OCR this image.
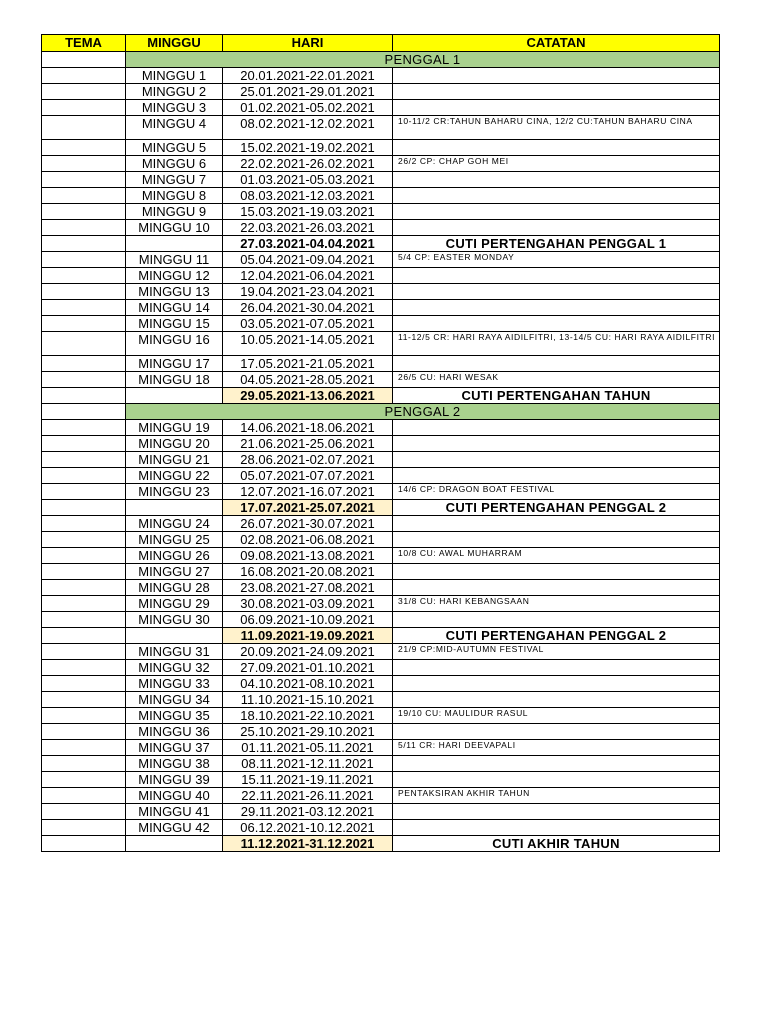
TEMA	MINGGU	HARI	CATATAN
	PENGGAL 1		
	MINGGU 1	20.01.2021-22.01.2021	
	MINGGU 2	25.01.2021-29.01.2021	
	MINGGU 3	01.02.2021-05.02.2021	
	MINGGU 4	08.02.2021-12.02.2021	10-11/2 CR:TAHUN BAHARU CINA, 12/2 CU:TAHUN BAHARU CINA
	MINGGU 5	15.02.2021-19.02.2021	
	MINGGU 6	22.02.2021-26.02.2021	26/2 CP: CHAP GOH MEI
	MINGGU 7	01.03.2021-05.03.2021	
	MINGGU 8	08.03.2021-12.03.2021	
	MINGGU 9	15.03.2021-19.03.2021	
	MINGGU 10	22.03.2021-26.03.2021	
		27.03.2021-04.04.2021	CUTI PERTENGAHAN PENGGAL 1
	MINGGU 11	05.04.2021-09.04.2021	5/4 CP: EASTER MONDAY
	MINGGU 12	12.04.2021-06.04.2021	
	MINGGU 13	19.04.2021-23.04.2021	
	MINGGU 14	26.04.2021-30.04.2021	
	MINGGU 15	03.05.2021-07.05.2021	
	MINGGU 16	10.05.2021-14.05.2021	11-12/5 CR: HARI RAYA AIDILFITRI, 13-14/5 CU: HARI RAYA AIDILFITRI
	MINGGU 17	17.05.2021-21.05.2021	
	MINGGU 18	04.05.2021-28.05.2021	26/5 CU: HARI WESAK
		29.05.2021-13.06.2021	CUTI PERTENGAHAN TAHUN
	PENGGAL 2		
	MINGGU 19	14.06.2021-18.06.2021	
	MINGGU 20	21.06.2021-25.06.2021	
	MINGGU 21	28.06.2021-02.07.2021	
	MINGGU 22	05.07.2021-07.07.2021	
	MINGGU 23	12.07.2021-16.07.2021	14/6 CP: DRAGON BOAT FESTIVAL
		17.07.2021-25.07.2021	CUTI PERTENGAHAN PENGGAL 2
	MINGGU 24	26.07.2021-30.07.2021	
	MINGGU 25	02.08.2021-06.08.2021	
	MINGGU 26	09.08.2021-13.08.2021	10/8 CU: AWAL MUHARRAM
	MINGGU 27	16.08.2021-20.08.2021	
	MINGGU 28	23.08.2021-27.08.2021	
	MINGGU 29	30.08.2021-03.09.2021	31/8 CU: HARI KEBANGSAAN
	MINGGU 30	06.09.2021-10.09.2021	
		11.09.2021-19.09.2021	CUTI PERTENGAHAN PENGGAL 2
	MINGGU 31	20.09.2021-24.09.2021	21/9 CP:MID-AUTUMN FESTIVAL
	MINGGU 32	27.09.2021-01.10.2021	
	MINGGU 33	04.10.2021-08.10.2021	
	MINGGU 34	11.10.2021-15.10.2021	
	MINGGU 35	18.10.2021-22.10.2021	19/10 CU: MAULIDUR RASUL
	MINGGU 36	25.10.2021-29.10.2021	
	MINGGU 37	01.11.2021-05.11.2021	5/11 CR: HARI DEEVAPALI
	MINGGU 38	08.11.2021-12.11.2021	
	MINGGU 39	15.11.2021-19.11.2021	
	MINGGU 40	22.11.2021-26.11.2021	PENTAKSIRAN AKHIR TAHUN
	MINGGU 41	29.11.2021-03.12.2021	
	MINGGU 42	06.12.2021-10.12.2021	
		11.12.2021-31.12.2021	CUTI AKHIR TAHUN
